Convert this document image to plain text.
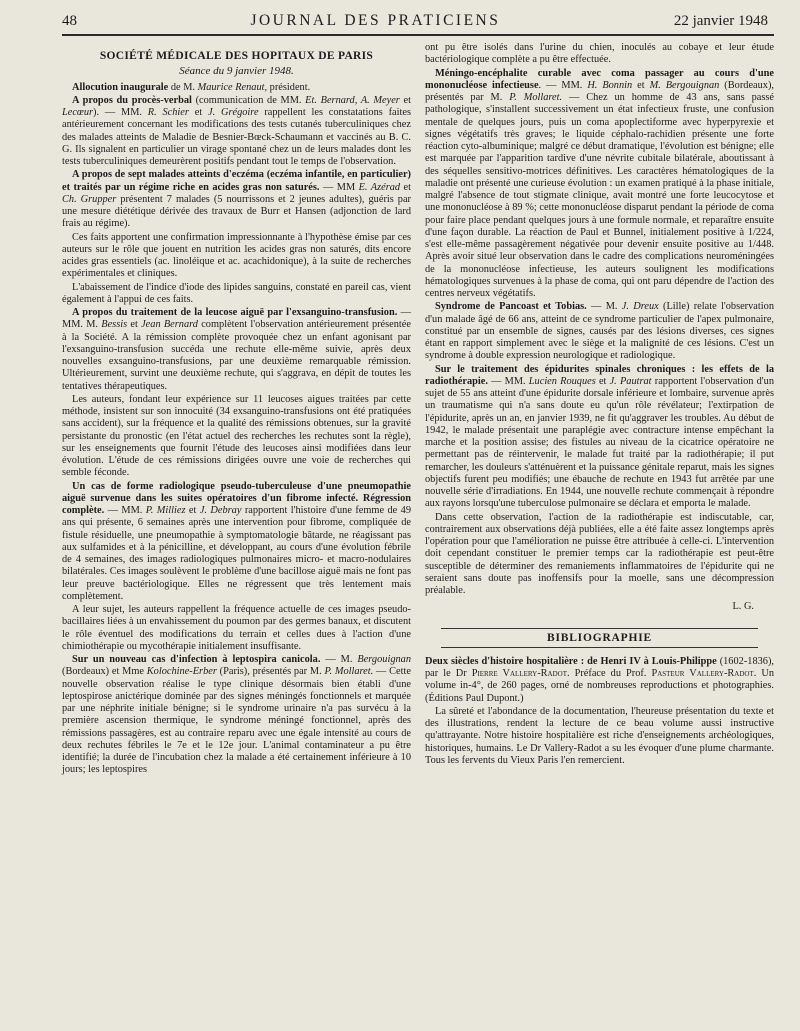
48	JOURNAL DES PRATICIENS	22 janvier 1948
SOCIÉTÉ MÉDICALE DES HOPITAUX DE PARIS
Séance du 9 janvier 1948.

Allocution inaugurale de M. Maurice Renaut, président.

A propos du procès-verbal (communication de MM. Et. Bernard, A. Meyer et Lecœur). — MM. R. Schier et J. Grégoire rappellent les constatations faites antérieurement concernant les modifications des tests cutanés tuberculiniques chez des malades atteints de Maladie de Besnier-Bœck-Schaumann et vaccinés au B. C. G. Ils signalent en particulier un virage spontané chez un de leurs malades dont les tests tuberculiniques demeurèrent positifs pendant tout le temps de l'observation.

A propos de sept malades atteints d'eczéma (eczéma infantile, en particulier) et traités par un régime riche en acides gras non saturés. — MM E. Azérad et Ch. Grupper présentent 7 malades (5 nourrissons et 2 jeunes adultes), guéris par une mesure diététique dérivée des travaux de Burr et Hansen (adjonction de lard frais au régime).

Ces faits apportent une confirmation impressionnante à l'hypothèse émise par ces auteurs sur le rôle que jouent en nutrition les acides gras non saturés, dits encore acides gras essentiels (ac. linoléique et ac. acachidonique), à la suite de recherches expérimentales et cliniques.

L'abaissement de l'indice d'iode des lipides sanguins, constaté en pareil cas, vient également à l'appui de ces faits.

A propos du traitement de la leucose aiguë par l'exsanguino-transfusion. — MM. M. Bessis et Jean Bernard complètent l'observation antérieurement présentée à la Société. A la rémission complète provoquée chez un enfant agonisant par l'exsanguino-transfusion succéda une rechute elle-même suivie, après deux nouvelles exsanguino-transfusions, par une deuxième remarquable rémission. Ultérieurement, survint une deuxième rechute, qui s'aggrava, en dépit de toutes les tentatives thérapeutiques.

Les auteurs, fondant leur expérience sur 11 leucoses aigues traitées par cette méthode, insistent sur son innocuité (34 exsanguino-transfusions ont été pratiquées sans accident), sur la fréquence et la qualité des rémissions obtenues, sur la gravité persistante du pronostic (en l'état actuel des recherches les rechutes sont la règle), sur les enseignements que fournit l'étude des leucoses ainsi modifiées dans leur évolution. L'étude de ces rémissions dirigées ouvre une voie de recherches qui semble féconde.

Un cas de forme radiologique pseudo-tuberculeuse d'une pneumopathie aiguë survenue dans les suites opératoires d'un fibrome infecté. Régression complète. — MM. P. Milliez et J. Debray rapportent l'histoire d'une femme de 49 ans qui présente, 6 semaines après une intervention pour fibrome, compliquée de fistule résiduelle, une pneumopathie à symptomatologie bâtarde, ne réagissant pas aux sulfamides et à la pénicilline, et développant, au cours d'une évolution fébrile de 4 semaines, des images radiologiques pulmonaires micro- et macro-nodulaires bilatérales. Ces images soulèvent le problème d'une bacillose aiguë mais ne font pas leur preuve bactériologique. Elles ne régressent que très lentement mais complètement.

A leur sujet, les auteurs rappellent la fréquence actuelle de ces images pseudo-bacillaires liées à un envahissement du poumon par des germes banaux, et discutent le rôle éventuel des modifications du terrain et celles dues à l'action d'une chimiothérapie ou mycothérapie initialement insuffisante.

Sur un nouveau cas d'infection à leptospira canicola. — M. Bergouignan (Bordeaux) et Mme Kolochine-Erber (Paris), présentés par M. P. Mollaret. — Cette nouvelle observation réalise le type clinique désormais bien établi d'une leptospirose anictérique dominée par des signes méningés fonctionnels et marquée par une néphrite initiale bénigne; si le syndrome urinaire n'a pas survécu à la première ascension thermique, le syndrome méningé fonctionnel, après des rémissions passagères, est au contraire reparu avec une égale intensité au cours de deux rechutes fébriles le 7e et le 12e jour. L'animal contaminateur a pu être identifié; la durée de l'incubation chez la malade a été certainement inférieure à 10 jours; les leptospires

ont pu être isolés dans l'urine du chien, inoculés au cobaye et leur étude bactériologique complète a pu être effectuée.

Méningo-encéphalite curable avec coma passager au cours d'une mononucléose infectieuse. — MM. H. Bonnin et M. Bergouignan (Bordeaux), présentés par M. P. Mollaret. — Chez un homme de 43 ans, sans passé pathologique, s'installent successivement un état infectieux fruste, une confusion mentale de quelques jours, puis un coma apoplectiforme avec hyperpyrexie et signes végétatifs très graves; le liquide céphalo-rachidien présente une forte réaction cyto-albuminique; malgré ce début dramatique, l'évolution est bénigne; elle est marquée par l'apparition tardive d'une névrite cubitale bilatérale, aboutissant à des séquelles sensitivo-motrices définitives. Les caractères hématologiques de la maladie ont présenté une curieuse évolution : un examen pratiqué à la phase initiale, malgré l'absence de tout stigmate clinique, avait montré une forte leucocytose et une mononucléose à 89 %; cette mononucléose disparut pendant la période de coma pour faire place pendant quelques jours à une formule normale, et reparaître ensuite d'une façon durable. La réaction de Paul et Bunnel, initialement positive à 1/224, s'est elle-même passagèrement négativée pour devenir ensuite positive au 1/448. Après avoir situé leur observation dans le cadre des complications neuroméningées de la mononucléose infectieuse, les auteurs soulignent les modifications hématologiques survenues à la phase de coma, qui ont paru dépendre de l'action des centres nerveux végétatifs.

Syndrome de Pancoast et Tobias. — M. J. Dreux (Lille) relate l'observation d'un malade âgé de 66 ans, atteint de ce syndrome particulier de l'apex pulmonaire, constitué par un ensemble de signes, causés par des lésions diverses, ces signes étant en rapport simplement avec le siège et la malignité de ces lésions. C'est un syndrome à double expression neurologique et radiologique.

Sur le traitement des épidurites spinales chroniques : les effets de la radiothérapie. — MM. Lucien Rouques et J. Pautrat rapportent l'observation d'un sujet de 55 ans atteint d'une épidurite dorsale inférieure et lombaire, survenue après un traumatisme qui n'a sans doute eu qu'un rôle révélateur; l'extirpation de l'épidurite, après un an, en janvier 1939, ne fit qu'aggraver les troubles. Au début de 1942, le malade présentait une paraplégie avec contracture intense empêchant la marche et la position assise; des fistules au niveau de la cicatrice opératoire ne permettant pas de réintervenir, le malade fut traité par la radiothérapie; il put remarcher, les douleurs s'atténuèrent et la puissance génitale reparut, mais les signes objectifs furent peu modifiés; une ébauche de rechute en 1943 fut arrêtée par une nouvelle série d'irradiations. En 1944, une nouvelle rechute commençait à répondre aux rayons lorsqu'une tuberculose pulmonaire se déclara et emporta le malade.

Dans cette observation, l'action de la radiothérapie est indiscutable, car, contrairement aux observations déjà publiées, elle a été faite assez longtemps après l'opération pour que l'amélioration ne puisse être attribuée à celle-ci. L'intervention doit cependant constituer le premier temps car la radiothérapie est peut-être susceptible de déterminer des remaniements inflammatoires de l'épidurite qui ne seraient sans doute pas inoffensifs pour la moelle, sans une décompression préalable.

L. G.
BIBLIOGRAPHIE

Deux siècles d'histoire hospitalière : de Henri IV à Louis-Philippe (1602-1836), par le Dr Pierre Vallery-Radot. Préface du Prof. Pasteur Vallery-Radot. Un volume in-4°, de 260 pages, orné de nombreuses reproductions et photographies. (Éditions Paul Dupont.)

La sûreté et l'abondance de la documentation, l'heureuse présentation du texte et des illustrations, rendent la lecture de ce beau volume aussi instructive qu'attrayante. Notre histoire hospitalière est riche d'enseignements archéologiques, historiques, humains. Le Dr Vallery-Radot a su les évoquer d'une plume charmante. Tous les fervents du Vieux Paris l'en remercient.
